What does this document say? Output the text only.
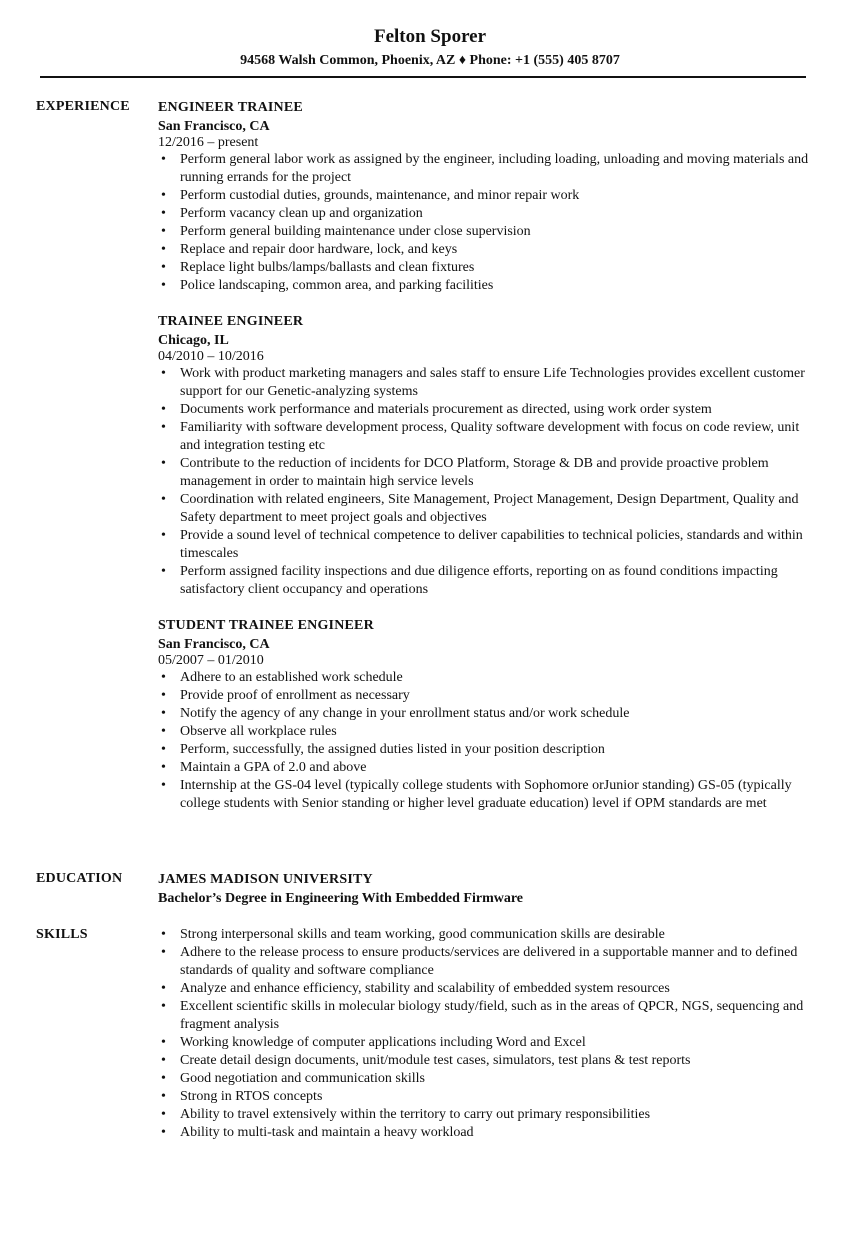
Felton Sporer
94568 Walsh Common, Phoenix, AZ ♦ Phone: +1 (555) 405 8707
EXPERIENCE ENGINEER TRAINEE
San Francisco, CA
12/2016 – present
• Perform general labor work as assigned by the engineer, including loading, unloading and moving materials and running errands for the project
• Perform custodial duties, grounds, maintenance, and minor repair work
• Perform vacancy clean up and organization
• Perform general building maintenance under close supervision
• Replace and repair door hardware, lock, and keys
• Replace light bulbs/lamps/ballasts and clean fixtures
• Police landscaping, common area, and parking facilities
TRAINEE ENGINEER
Chicago, IL
04/2010 – 10/2016
• Work with product marketing managers and sales staff to ensure Life Technologies provides excellent customer support for our Genetic-analyzing systems
• Documents work performance and materials procurement as directed, using work order system
• Familiarity with software development process, Quality software development with focus on code review, unit and integration testing etc
• Contribute to the reduction of incidents for DCO Platform, Storage & DB and provide proactive problem management in order to maintain high service levels
• Coordination with related engineers, Site Management, Project Management, Design Department, Quality and Safety department to meet project goals and objectives
• Provide a sound level of technical competence to deliver capabilities to technical policies, standards and within timescales
• Perform assigned facility inspections and due diligence efforts, reporting on as found conditions impacting satisfactory client occupancy and operations
STUDENT TRAINEE ENGINEER
San Francisco, CA
05/2007 – 01/2010
• Adhere to an established work schedule
• Provide proof of enrollment as necessary
• Notify the agency of any change in your enrollment status and/or work schedule
• Observe all workplace rules
• Perform, successfully, the assigned duties listed in your position description
• Maintain a GPA of 2.0 and above
• Internship at the GS-04 level (typically college students with Sophomore orJunior standing) GS-05 (typically college students with Senior standing or higher level graduate education) level if OPM standards are met
EDUCATION	JAMES MADISON UNIVERSITY
Bachelor’s Degree in Engineering With Embedded Firmware
SKILLS	• Strong interpersonal skills and team working, good communication skills are desirable
• Adhere to the release process to ensure products/services are delivered in a supportable manner and to defined standards of quality and software compliance
• Analyze and enhance efficiency, stability and scalability of embedded system resources
• Excellent scientific skills in molecular biology study/field, such as in the areas of QPCR, NGS, sequencing and fragment analysis
• Working knowledge of computer applications including Word and Excel
• Create detail design documents, unit/module test cases, simulators, test plans & test reports
• Good negotiation and communication skills
• Strong in RTOS concepts
• Ability to travel extensively within the territory to carry out primary responsibilities
• Ability to multi-task and maintain a heavy workload
